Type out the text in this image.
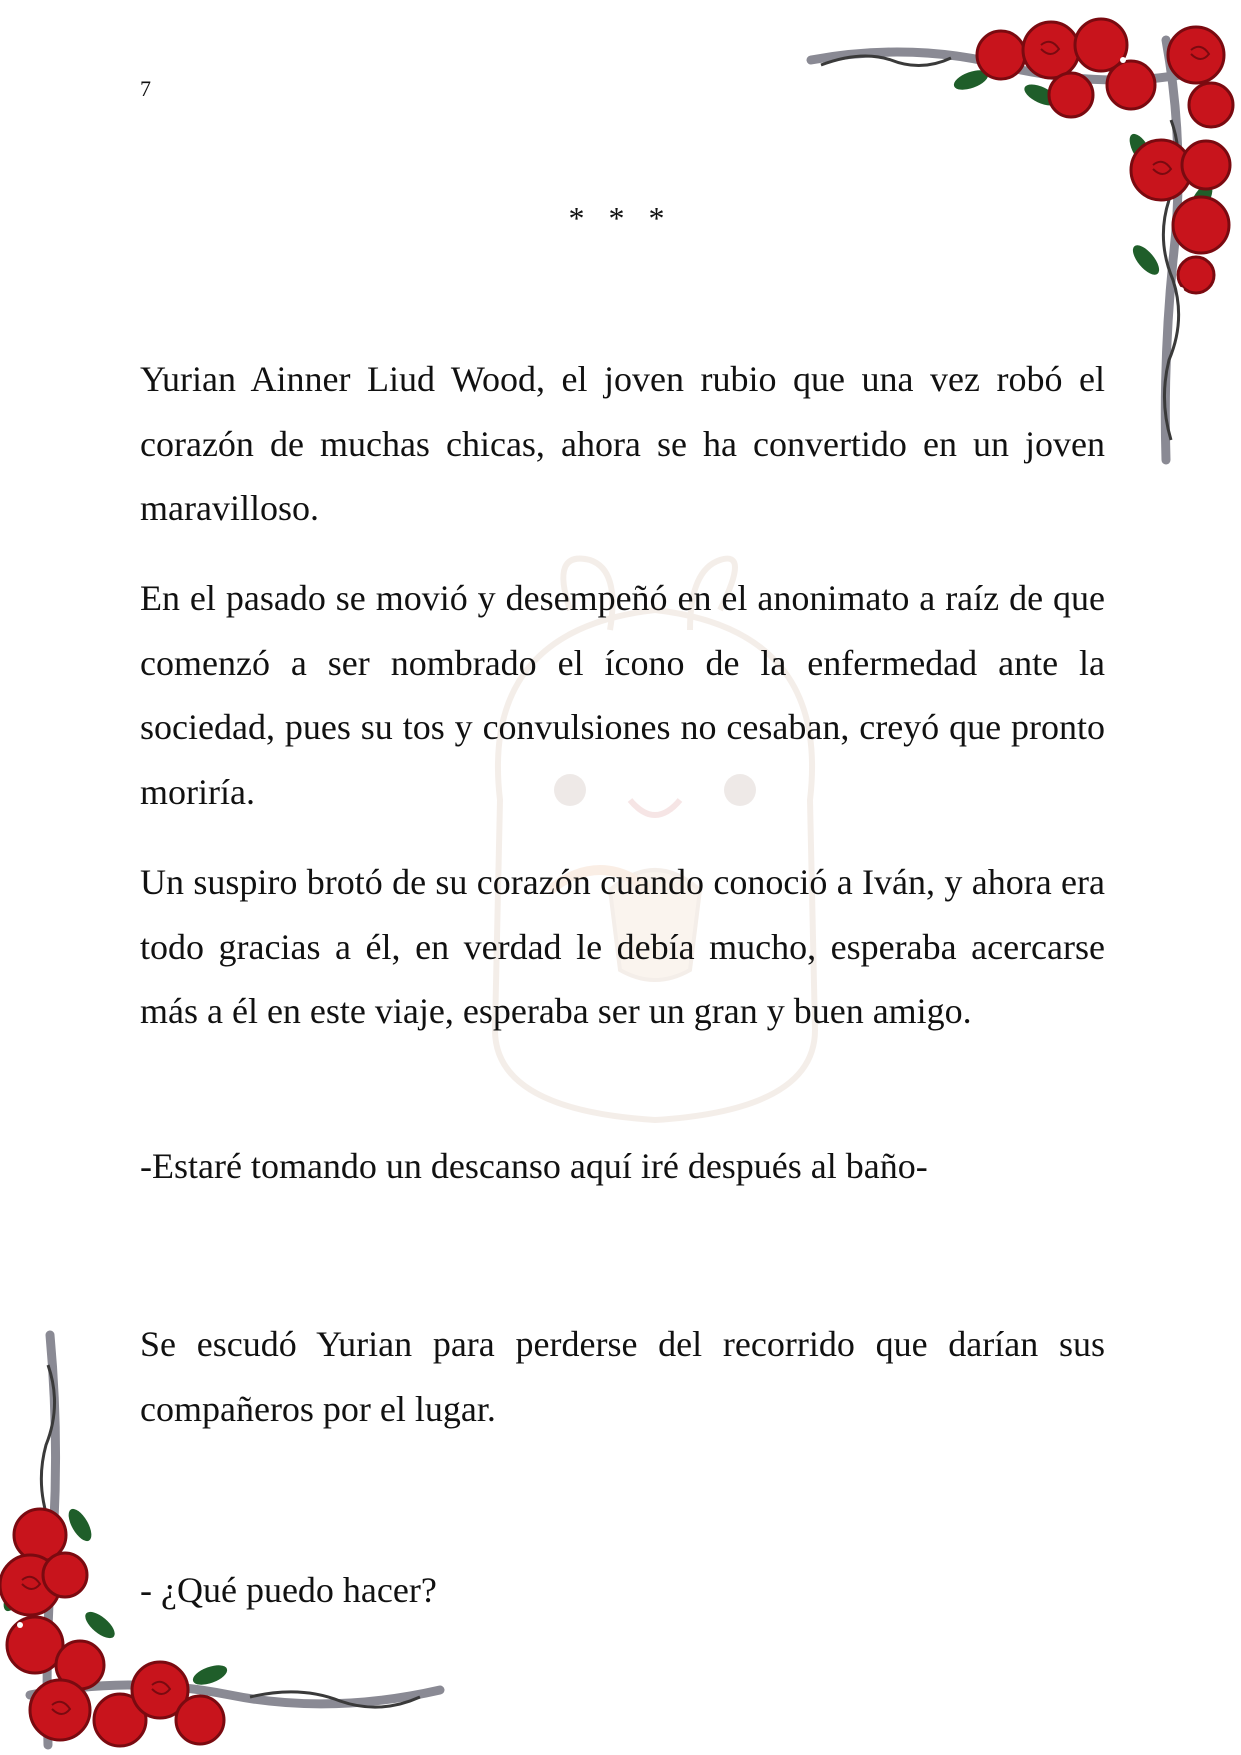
7
* * *

Yurian Ainner Liud Wood, el joven rubio que una vez robó el corazón de muchas chicas, ahora se ha convertido en un joven maravilloso.

En el pasado se movió y desempeñó en el anonimato a raíz de que comenzó a ser nombrado el ícono de la enfermedad ante la sociedad, pues su tos y convulsiones no cesaban, creyó que pronto moriría.

Un suspiro brotó de su corazón cuando conoció a Iván, y ahora era todo gracias a él, en verdad le debía mucho, esperaba acercarse más a él en este viaje, esperaba ser un gran y buen amigo.

-Estaré tomando un descanso aquí iré después al baño-

Se escudó Yurian para perderse del recorrido que darían sus compañeros por el lugar.

- ¿Qué puedo hacer?
